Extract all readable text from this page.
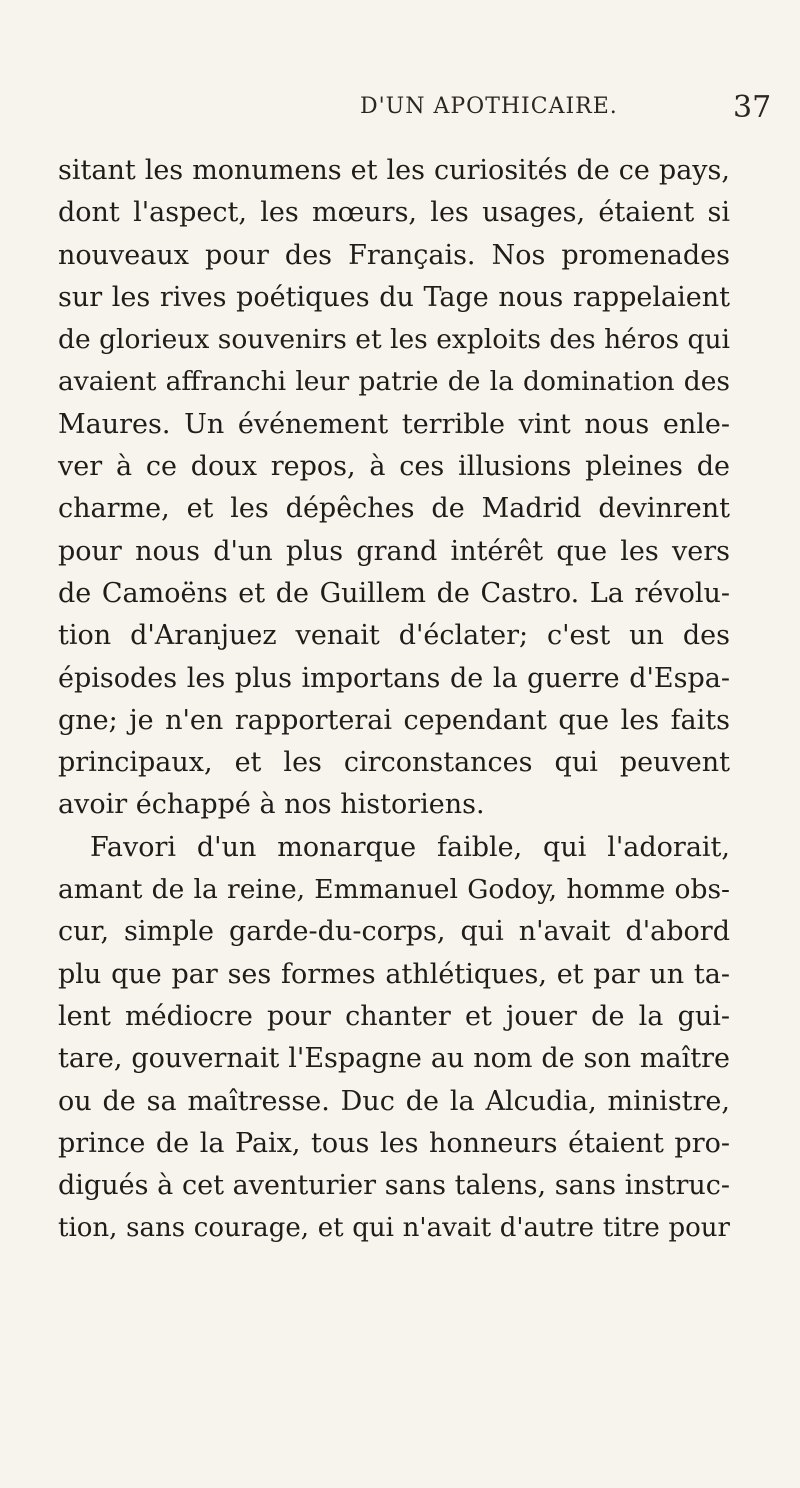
D'UN APOTHICAIRE.	37
sitant les monumens et les curiosités de ce pays,
dont l'aspect, les mœurs, les usages, étaient si
nouveaux pour des Français. Nos promenades
sur les rives poétiques du Tage nous rappelaient
de glorieux souvenirs et les exploits des héros qui
avaient affranchi leur patrie de la domination des
Maures. Un événement terrible vint nous enle-
ver à ce doux repos, à ces illusions pleines de
charme, et les dépêches de Madrid devinrent
pour nous d'un plus grand intérêt que les vers
de Camoëns et de Guillem de Castro. La révolu-
tion d'Aranjuez venait d'éclater; c'est un des
épisodes les plus importans de la guerre d'Espa-
gne; je n'en rapporterai cependant que les faits
principaux, et les circonstances qui peuvent
avoir échappé à nos historiens.
Favori d'un monarque faible, qui l'adorait,
amant de la reine, Emmanuel Godoy, homme obs-
cur, simple garde-du-corps, qui n'avait d'abord
plu que par ses formes athlétiques, et par un ta-
lent médiocre pour chanter et jouer de la gui-
tare, gouvernait l'Espagne au nom de son maître
ou de sa maîtresse. Duc de la Alcudia, ministre,
prince de la Paix, tous les honneurs étaient pro-
digués à cet aventurier sans talens, sans instruc-
tion, sans courage, et qui n'avait d'autre titre pour
